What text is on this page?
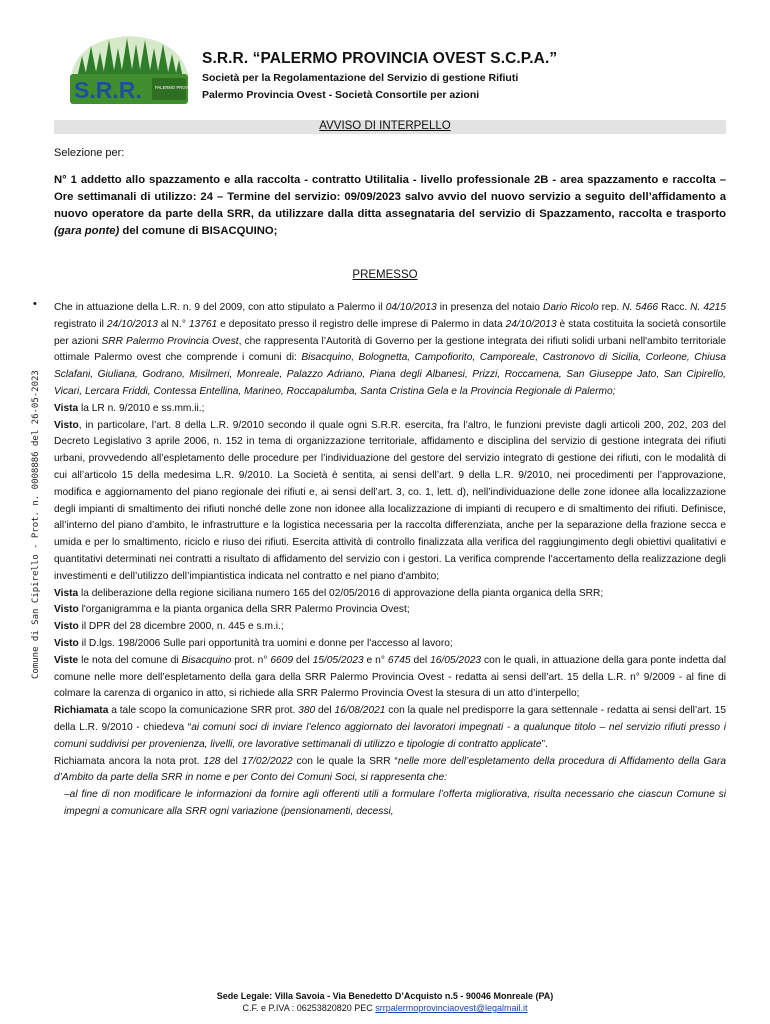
S.R.R.	PALERMO PROVINCIA OVEST
S.R.R. “PALERMO PROVINCIA OVEST S.C.P.A.”
Società per la Regolamentazione del Servizio di gestione Rifiuti
Palermo Provincia Ovest - Società Consortile per azioni
AVVISO DI INTERPELLO
Comune di San Cipirello - Prot. n. 0008886 del 26-05-2023
Selezione per:
N° 1 addetto allo spazzamento e alla raccolta - contratto Utilitalia - livello professionale 2B - area spazzamento e raccolta – Ore settimanali di utilizzo: 24 – Termine del servizio: 09/09/2023 salvo avvio del nuovo servizio a seguito dell’affidamento a nuovo operatore da parte della SRR, da utilizzare dalla ditta assegnataria del servizio di Spazzamento, raccolta e trasporto (gara ponte) del comune di BISACQUINO;
PREMESSO
• Che in attuazione della L.R. n. 9 del 2009, con atto stipulato a Palermo il 04/10/2013 in presenza del notaio Dario Ricolo rep. N. 5466 Racc. N. 4215 registrato il 24/10/2013 al N.° 13761 e depositato presso il registro delle imprese di Palermo in data 24/10/2013 è stata costituita la società consortile per azioni SRR Palermo Provincia Ovest, che rappresenta l’Autorità di Governo per la gestione integrata dei rifiuti solidi urbani nell'ambito territoriale ottimale Palermo ovest che comprende i comuni di: Bisacquino, Bolognetta, Campofiorito, Camporeale, Castronovo di Sicilia, Corleone, Chiusa Sclafani, Giuliana, Godrano, Misilmeri, Monreale, Palazzo Adriano, Piana degli Albanesi, Prizzi, Roccamena, San Giuseppe Jato, San Cipirello, Vicari, Lercara Friddi, Contessa Entellina, Marineo, Roccapalumba, Santa Cristina Gela e la Provincia Regionale di Palermo;

Vista la LR n. 9/2010 e ss.mm.ii.;

Visto, in particolare, l’art. 8 della L.R. 9/2010 secondo il quale ogni S.R.R. esercita, fra l’altro, le funzioni previste dagli articoli 200, 202, 203 del Decreto Legislativo 3 aprile 2006, n. 152 in tema di organizzazione territoriale, affidamento e disciplina del servizio di gestione integrata dei rifiuti urbani, provvedendo all’espletamento delle procedure per l’individuazione del gestore del servizio integrato di gestione dei rifiuti, con le modalità di cui all’articolo 15 della medesima L.R. 9/2010. La Società è sentita, ai sensi dell’art. 9 della L.R. 9/2010, nei procedimenti per l’approvazione, modifica e aggiornamento del piano regionale dei rifiuti e, ai sensi dell’art. 3, co. 1, lett. d), nell’individuazione delle zone idonee alla localizzazione degli impianti di smaltimento dei rifiuti nonché delle zone non idonee alla localizzazione di impianti di recupero e di smaltimento dei rifiuti. Definisce, all’interno del piano d’ambito, le infrastrutture e la logistica necessaria per la raccolta differenziata, anche per la separazione della frazione secca e umida e per lo smaltimento, riciclo e riuso dei rifiuti. Esercita attività di controllo finalizzata alla verifica del raggiungimento degli obiettivi qualitativi e quantitativi determinati nei contratti a risultato di affidamento del servizio con i gestori. La verifica comprende l’accertamento della realizzazione degli investimenti e dell’utilizzo dell’impiantistica indicata nel contratto e nel piano d’ambito;

Vista la deliberazione della regione siciliana numero 165 del 02/05/2016 di approvazione della pianta organica della SRR;

Visto l'organigramma e la pianta organica della SRR Palermo Provincia Ovest;

Visto il DPR del 28 dicembre 2000, n. 445 e s.m.i.;

Visto il D.lgs. 198/2006 Sulle pari opportunità tra uomini e donne per l'accesso al lavoro;

Viste le nota del comune di Bisacquino prot. n° 6609 del 15/05/2023 e n° 6745 del 16/05/2023 con le quali, in attuazione della gara ponte indetta dal comune nelle more dell’espletamento della gara della SRR Palermo Provincia Ovest - redatta ai sensi dell’art. 15 della L.R. n° 9/2009 - al fine di colmare la carenza di organico in atto, si richiede alla SRR Palermo Provincia Ovest la stesura di un atto d’interpello;

Richiamata a tale scopo la comunicazione SRR prot. 380 del 16/08/2021 con la quale nel predisporre la gara settennale - redatta ai sensi dell’art. 15 della L.R. 9/2010 - chiedeva “ai comuni soci di inviare l’elenco aggiornato dei lavoratori impegnati - a qualunque titolo – nel servizio rifiuti presso i comuni suddivisi per provenienza, livelli, ore lavorative settimanali di utilizzo e tipologie di contratto applicate”.

Richiamata ancora la nota prot. 128 del 17/02/2022 con le quale la SRR “nelle more dell’espletamento della procedura di Affidamento della Gara d’Ambito da parte della SRR in nome e per Conto dei Comuni Soci, si rappresenta che:

–al fine di non modificare le informazioni da fornire agli offerenti utili a formulare l’offerta migliorativa, risulta necessario che ciascun Comune si impegni a comunicare alla SRR ogni variazione (pensionamenti, decessi,

Sede Legale: Villa Savoia - Via Benedetto D’Acquisto n.5 - 90046 Monreale (PA)
C.F. e P.IVA : 06253820820 PEC srrpalermoprovinciaovest@legalmail.it
